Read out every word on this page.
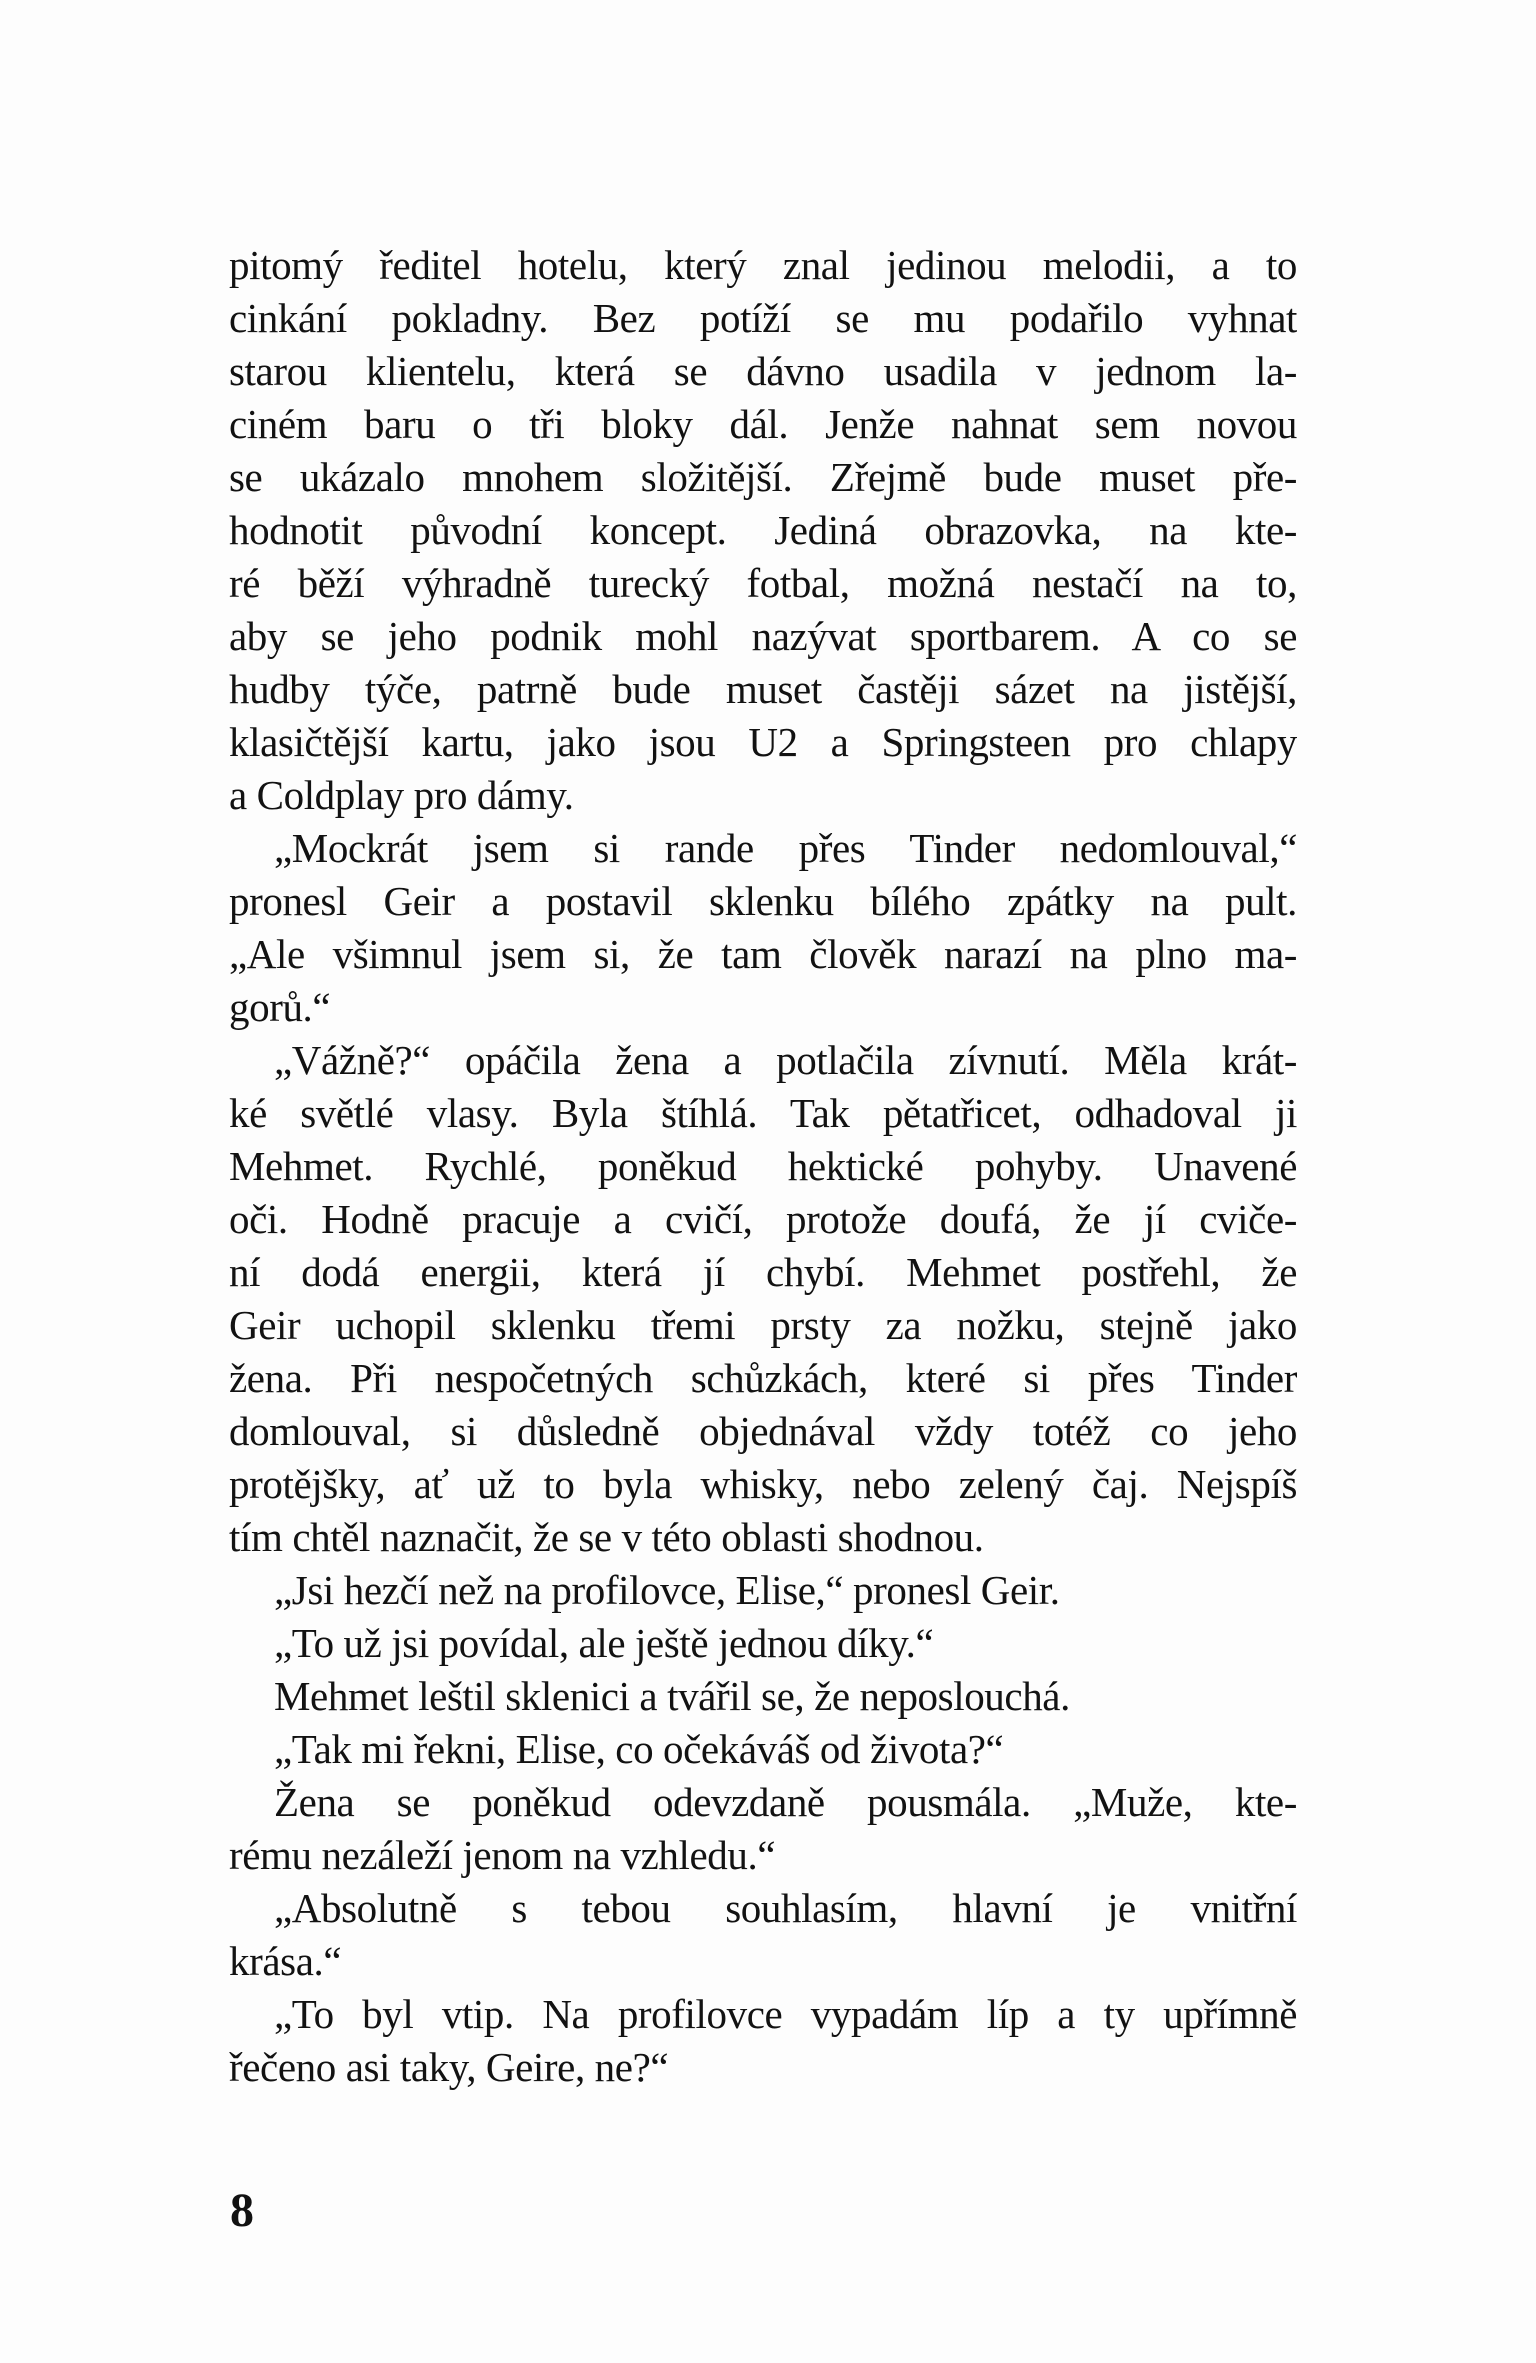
pitomý ředitel hotelu, který znal jedinou melodii, a to
cinkání pokladny. Bez potíží se mu podařilo vyhnat
starou klientelu, která se dávno usadila v jednom la-
ciném baru o tři bloky dál. Jenže nahnat sem novou
se ukázalo mnohem složitější. Zřejmě bude muset pře-
hodnotit původní koncept. Jediná obrazovka, na kte-
ré běží výhradně turecký fotbal, možná nestačí na to,
aby se jeho podnik mohl nazývat sportbarem. A co se
hudby týče, patrně bude muset častěji sázet na jistější,
klasičtější kartu, jako jsou U2 a Springsteen pro chlapy
a Coldplay pro dámy.
„Mockrát jsem si rande přes Tinder nedomlouval,“
pronesl Geir a postavil sklenku bílého zpátky na pult.
„Ale všimnul jsem si, že tam člověk narazí na plno ma-
gorů.“
„Vážně?“ opáčila žena a potlačila zívnutí. Měla krát-
ké světlé vlasy. Byla štíhlá. Tak pětatřicet, odhadoval ji
Mehmet. Rychlé, poněkud hektické pohyby. Unavené
oči. Hodně pracuje a cvičí, protože doufá, že jí cviče-
ní dodá energii, která jí chybí. Mehmet postřehl, že
Geir uchopil sklenku třemi prsty za nožku, stejně jako
žena. Při nespočetných schůzkách, které si přes Tinder
domlouval, si důsledně objednával vždy totéž co jeho
protějšky, ať už to byla whisky, nebo zelený čaj. Nejspíš
tím chtěl naznačit, že se v této oblasti shodnou.
„Jsi hezčí než na profilovce, Elise,“ pronesl Geir.
„To už jsi povídal, ale ještě jednou díky.“
Mehmet leštil sklenici a tvářil se, že neposlouchá.
„Tak mi řekni, Elise, co očekáváš od života?“
Žena se poněkud odevzdaně pousmála. „Muže, kte-
rému nezáleží jenom na vzhledu.“
„Absolutně s tebou souhlasím, hlavní je vnitřní
krása.“
„To byl vtip. Na profilovce vypadám líp a ty upřímně
řečeno asi taky, Geire, ne?“
8
